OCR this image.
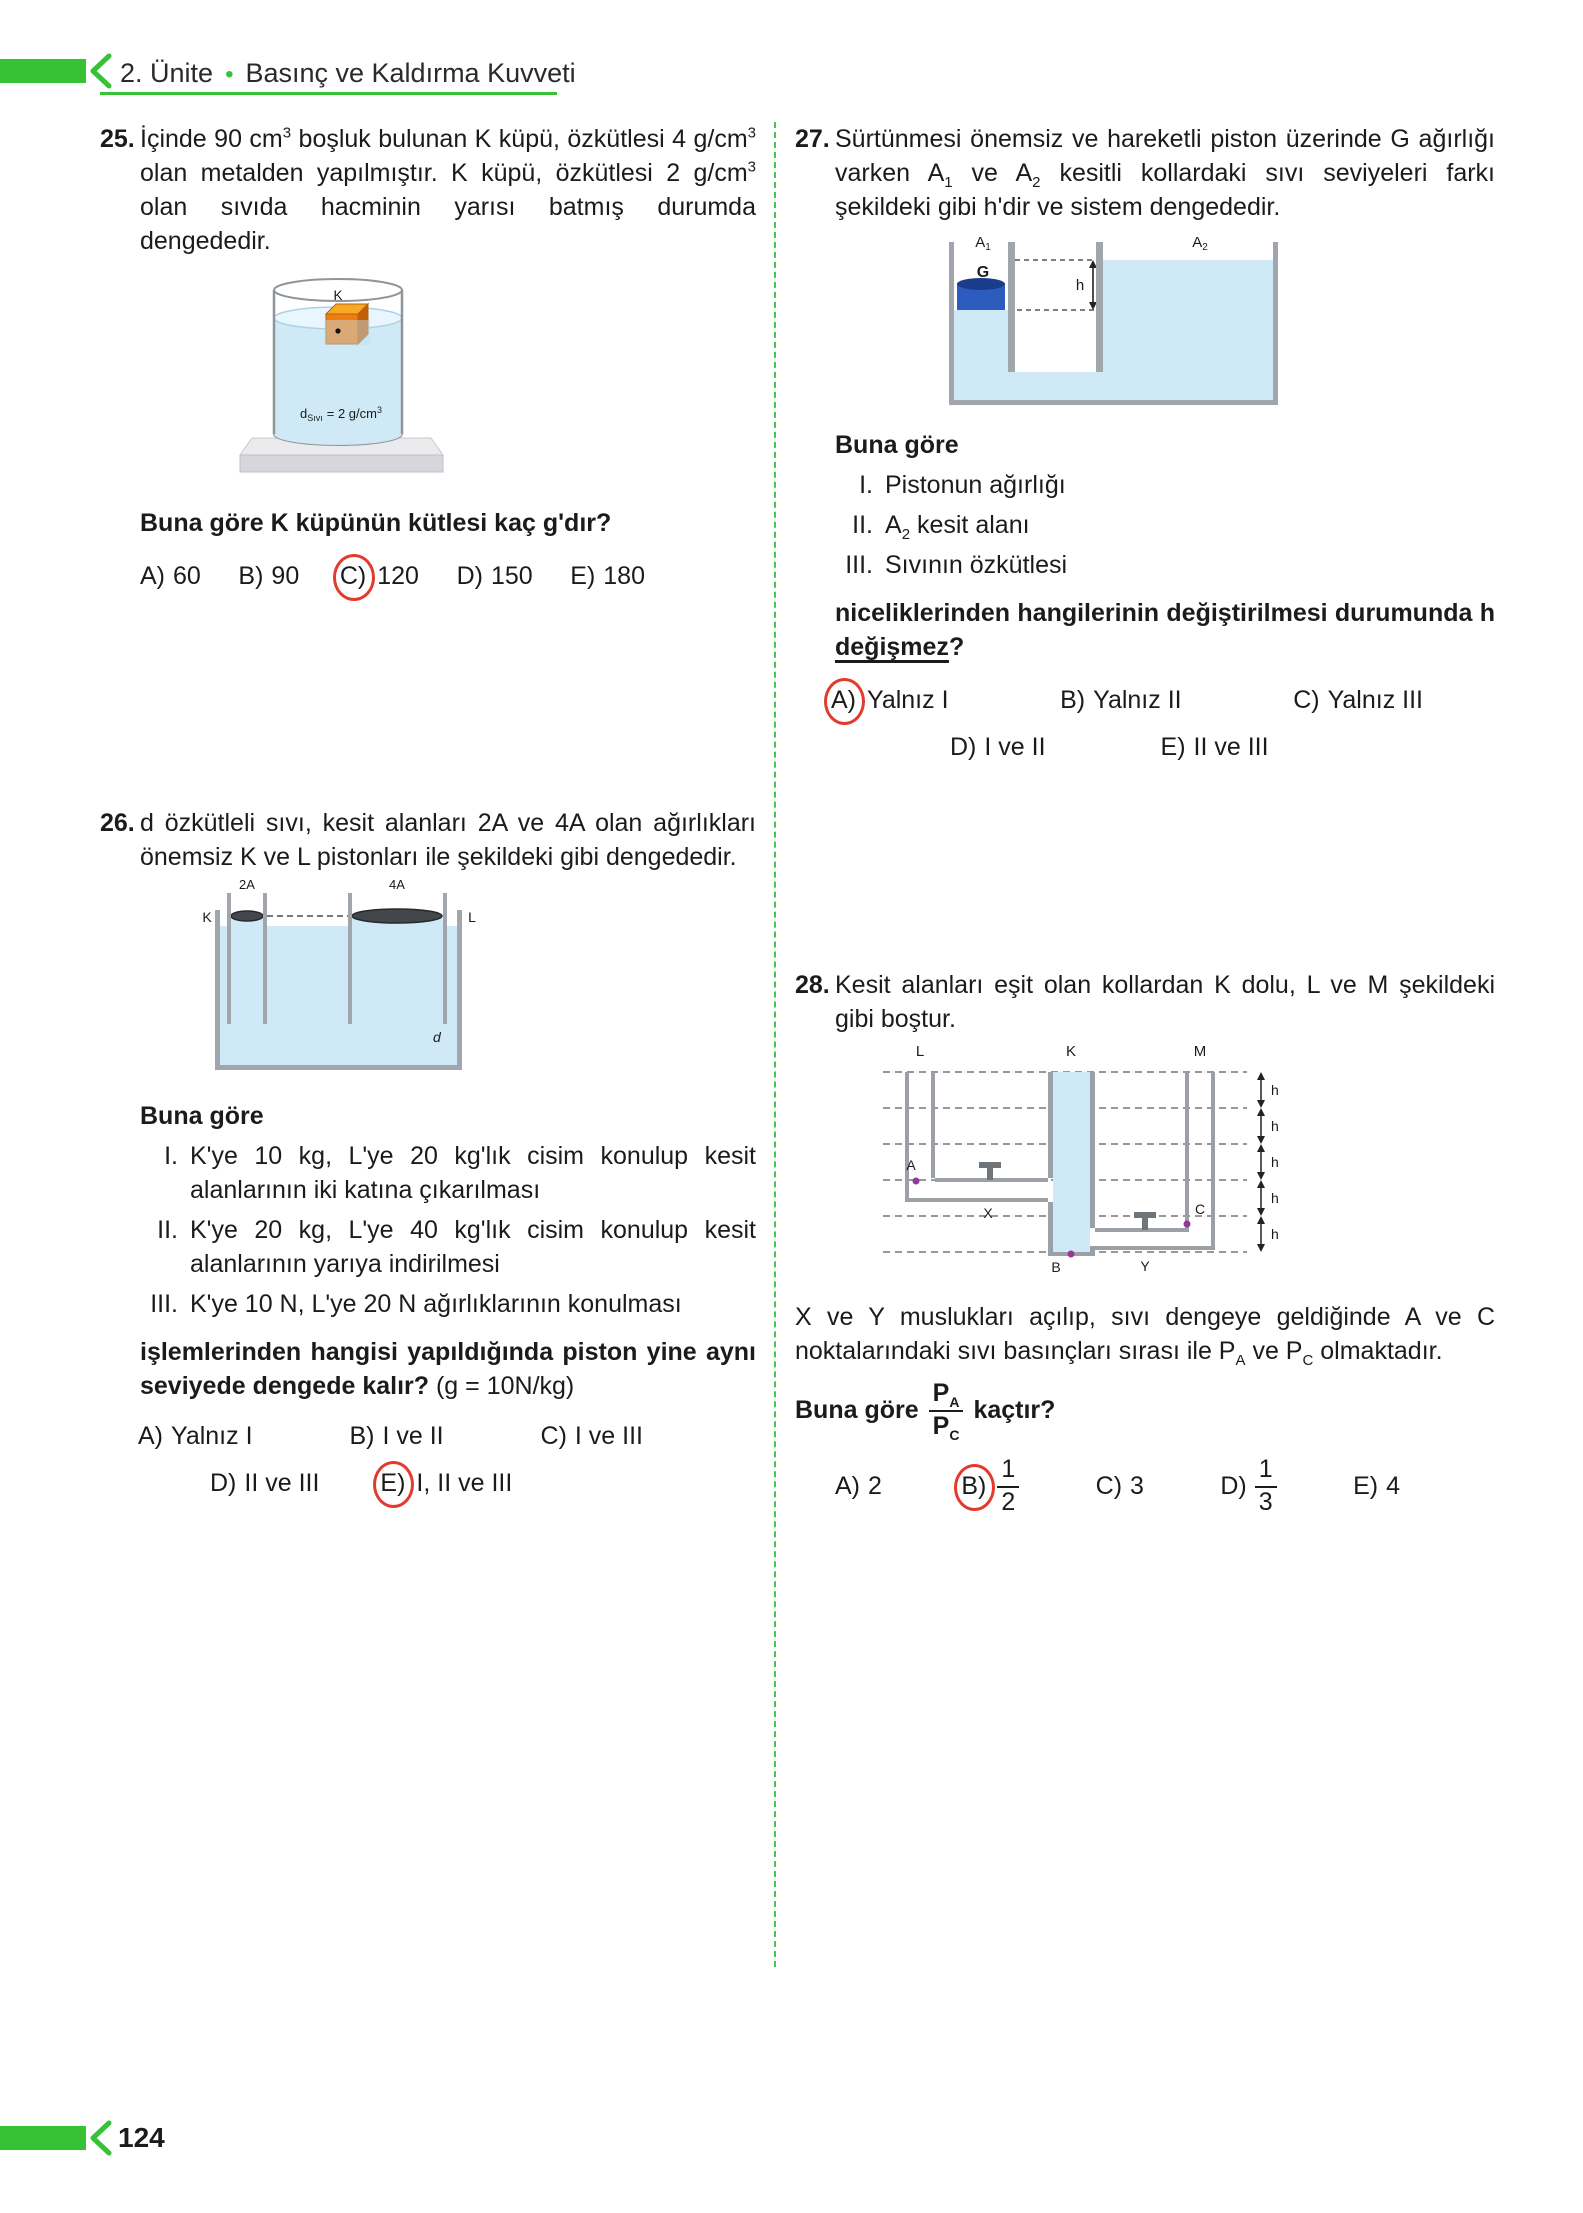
2. Ünite • Basınç ve Kaldırma Kuvveti
25. İçinde 90 $cm^3$ boşluk bulunan K küpü, özkütlesi 4 $g/cm^3$ olan metalden yapılmıştır. K küpü, özkütlesi 2 $g/cm^3$ olan sıvıda hacminin yarısı batmış durumda dengededir.

K
$d_{Sıvı} = 2$ $g/cm^3$

Buna göre K küpünün kütlesi kaç g'dır?

A) 60 B) 90 C) 120 D) 150 E) 180
26. d özkütleli sıvı, kesit alanları 2A ve 4A olan ağırlıkları önemsiz K ve L pistonları ile şekildeki gibi dengededir.

2A	4A
K	L
d

Buna göre

I. K'ye 10 kg, L'ye 20 kg'lık cisim konulup kesit alanlarının iki katına çıkarılması
II. K'ye 20 kg, L'ye 40 kg'lık cisim konulup kesit alanlarının yarıya indirilmesi
III. K'ye 10 N, L'ye 20 N ağırlıklarının konulması

işlemlerinden hangisi yapıldığında piston yine aynı seviyede dengede kalır? (g = 10N/kg)

A) Yalnız I	B) I ve II	C) I ve III
D) II ve III E) I, II ve III
27. Sürtünmesi önemsiz ve hareketli piston üzerinde G ağırlığı varken $A_1$ ve $A_2$ kesitli kollardaki sıvı seviyeleri farkı şekildeki gibi h'dir ve sistem dengededir.

h
$A_1$	$A_2$
G

Buna göre

I. Pistonun ağırlığı
II. $A_2$ kesit alanı
III. Sıvının özkütlesi

niceliklerinden hangilerinin değiştirilmesi durumunda h değişmez?

A) Yalnız I	B) Yalnız II	C) Yalnız III
D) I ve II	E) II ve III
28. Kesit alanları eşit olan kollardan K dolu, L ve M şekildeki gibi boştur.

L	K	M
A
B
C
X
Y
h
h
h
h
h

X ve Y muslukları açılıp, sıvı dengeye geldiğinde A ve C noktalarındaki sıvı basınçları sırası ile $P_A$ ve $P_C$ olmaktadır.

Buna göre $\frac{P_A}{P_C}$ kaçtır?
A) 2	$B) \frac{1}{2}$	C) 3	$D) \frac{1}{3}$	E) 4
124
